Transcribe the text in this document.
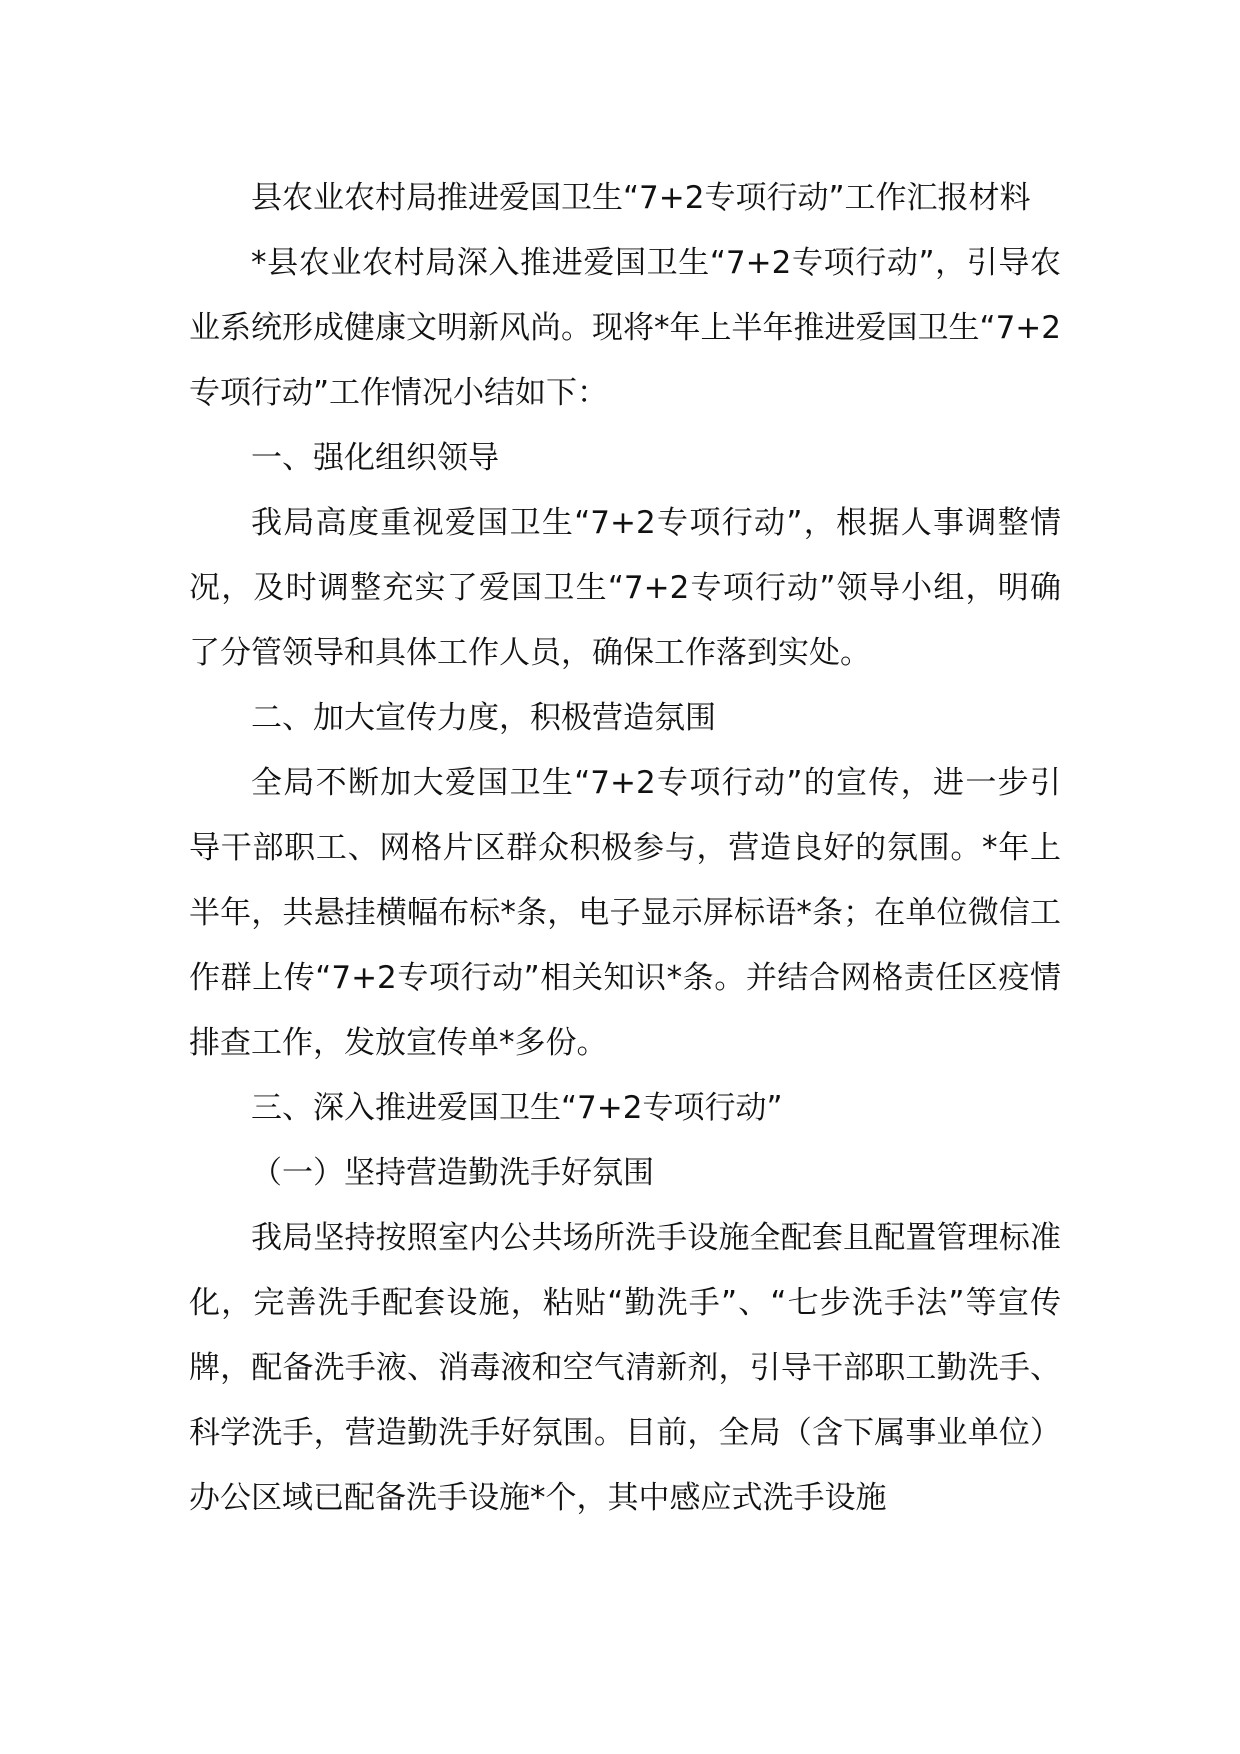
县农业农村局推进爱国卫生“7+2专项行动”工作汇报材料

*县农业农村局深入推进爱国卫生“7+2专项行动”，引导农业系统形成健康文明新风尚。现将*年上半年推进爱国卫生“7+2专项行动”工作情况小结如下：

一、强化组织领导

我局高度重视爱国卫生“7+2专项行动”，根据人事调整情况，及时调整充实了爱国卫生“7+2专项行动”领导小组，明确了分管领导和具体工作人员，确保工作落到实处。

二、加大宣传力度，积极营造氛围

全局不断加大爱国卫生“7+2专项行动”的宣传，进一步引导干部职工、网格片区群众积极参与，营造良好的氛围。*年上半年，共悬挂横幅布标*条，电子显示屏标语*条；在单位微信工作群上传“7+2专项行动”相关知识*条。并结合网格责任区疫情排查工作，发放宣传单*多份。

三、深入推进爱国卫生“7+2专项行动”

（一）坚持营造勤洗手好氛围

我局坚持按照室内公共场所洗手设施全配套且配置管理标准化，完善洗手配套设施，粘贴“勤洗手”、“七步洗手法”等宣传牌，配备洗手液、消毒液和空气清新剂，引导干部职工勤洗手、科学洗手，营造勤洗手好氛围。目前，全局（含下属事业单位）办公区域已配备洗手设施*个，其中感应式洗手设施
